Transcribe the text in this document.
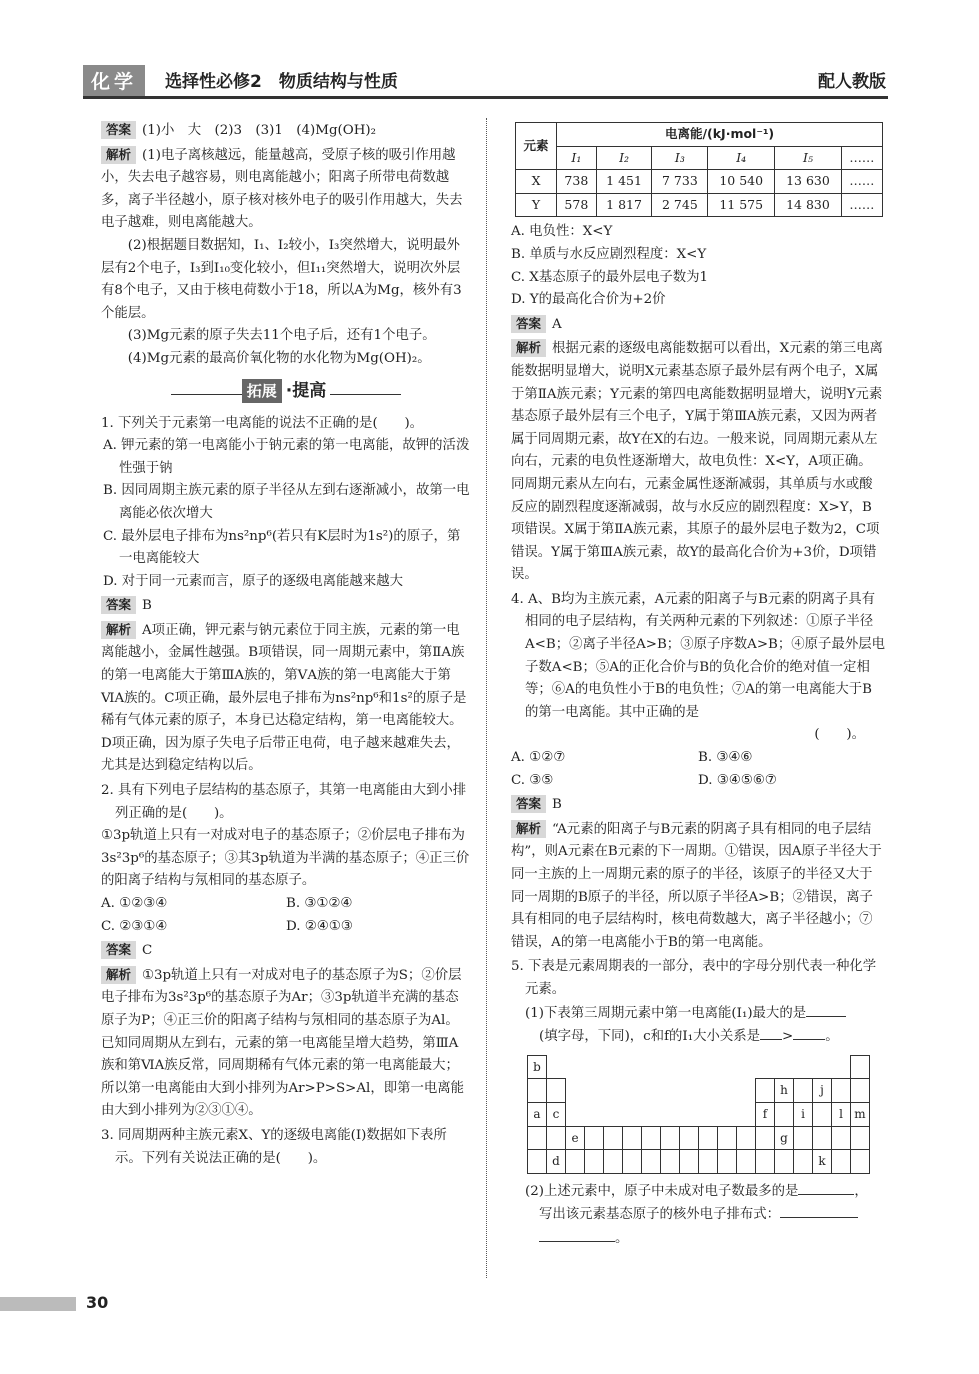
化学	选择性必修2　物质结构与性质	配人教版

答案 (1)小　大　(2)3　(3)1　(4)Mg(OH)₂

解析 (1)电子离核越远，能量越高，受原子核的吸引作用越小，失去电子越容易，则电离能越小；阳离子所带电荷数越多，离子半径越小，原子核对核外电子的吸引作用越大，失去电子越难，则电离能越大。

(2)根据题目数据知，I₁、I₂较小，I₃突然增大，说明最外层有2个电子，I₃到I₁₀变化较小，但I₁₁突然增大，说明次外层有8个电子，又由于核电荷数小于18，所以A为Mg，核外有3个能层。

(3)Mg元素的原子失去11个电子后，还有1个电子。

(4)Mg元素的最高价氧化物的水化物为Mg(OH)₂。

拓展 ·提高

1. 下列关于元素第一电离能的说法不正确的是(　　)。

A. 钾元素的第一电离能小于钠元素的第一电离能，故钾的活泼性强于钠

B. 因同周期主族元素的原子半径从左到右逐渐减小，故第一电离能必依次增大

C. 最外层电子排布为ns²np⁶(若只有K层时为1s²)的原子，第一电离能较大

D. 对于同一元素而言，原子的逐级电离能越来越大

答案 B

解析 A项正确，钾元素与钠元素位于同主族，元素的第一电离能越小，金属性越强。B项错误，同一周期元素中，第ⅡA族的第一电离能大于第ⅢA族的，第ⅤA族的第一电离能大于第ⅥA族的。C项正确，最外层电子排布为ns²np⁶和1s²的原子是稀有气体元素的原子，本身已达稳定结构，第一电离能较大。D项正确，因为原子失电子后带正电荷，电子越来越难失去，尤其是达到稳定结构以后。

2. 具有下列电子层结构的基态原子，其第一电离能由大到小排列正确的是(　　)。

①3p轨道上只有一对成对电子的基态原子；②价层电子排布为3s²3p⁶的基态原子；③其3p轨道为半满的基态原子；④正三价的阳离子结构与氖相同的基态原子。

A. ①②③④	B. ③①②④
C. ②③①④	D. ②④①③

答案 C

解析 ①3p轨道上只有一对成对电子的基态原子为S；②价层电子排布为3s²3p⁶的基态原子为Ar；③3p轨道半充满的基态原子为P；④正三价的阳离子结构与氖相同的基态原子为Al。已知同周期从左到右，元素的第一电离能呈增大趋势，第ⅢA族和第ⅥA族反常，同周期稀有气体元素的第一电离能最大；所以第一电离能由大到小排列为Ar>P>S>Al，即第一电离能由大到小排列为②③①④。

3. 同周期两种主族元素X、Y的逐级电离能(I)数据如下表所示。下列有关说法正确的是(　　)。

元素	电离能/(kJ·mol⁻¹)					
	I₁	I₂	I₃	I₄	I₅	……
X	738	1 451	7 733	10 540	13 630	……
Y	578	1 817	2 745	11 575	14 830	……

A. 电负性：X<Y

B. 单质与水反应剧烈程度：X<Y

C. X基态原子的最外层电子数为1

D. Y的最高化合价为+2价

答案 A

解析 根据元素的逐级电离能数据可以看出，X元素的第三电离能数据明显增大，说明X元素基态原子最外层有两个电子，X属于第ⅡA族元素；Y元素的第四电离能数据明显增大，说明Y元素基态原子最外层有三个电子，Y属于第ⅢA族元素，又因为两者属于同周期元素，故Y在X的右边。一般来说，同周期元素从左向右，元素的电负性逐渐增大，故电负性：X<Y，A项正确。同周期元素从左向右，元素金属性逐渐减弱，其单质与水或酸反应的剧烈程度逐渐减弱，故与水反应的剧烈程度：X>Y，B项错误。X属于第ⅡA族元素，其原子的最外层电子数为2，C项错误。Y属于第ⅢA族元素，故Y的最高化合价为+3价，D项错误。

4. A、B均为主族元素，A元素的阳离子与B元素的阴离子具有相同的电子层结构，有关两种元素的下列叙述：①原子半径A<B；②离子半径A>B；③原子序数A>B；④原子最外层电子数A<B；⑤A的正化合价与B的负化合价的绝对值一定相等；⑥A的电负性小于B的电负性；⑦A的第一电离能大于B的第一电离能。其中正确的是

(　　)。

A. ①②⑦	B. ③④⑥
C. ③⑤	D. ③④⑤⑥⑦

答案 B

解析 “A元素的阳离子与B元素的阴离子具有相同的电子层结构”，则A元素在B元素的下一周期。①错误，因A原子半径大于同一主族的上一周期元素的原子的半径，该原子的半径又大于同一周期的B原子的半径，所以原子半径A>B；②错误，离子具有相同的电子层结构时，核电荷数越大，离子半径越小；⑦错误，A的第一电离能小于B的第一电离能。

5. 下表是元素周期表的一部分，表中的字母分别代表一种化学元素。

(1)下表第三周期元素中第一电离能(I₁)最大的是
(填字母，下同)，c和f的I₁大小关系是 > 。

b																	
													h		j		
a	c											f		i		l	m
		e											g				
	d														k		

(2)上述元素中，原子中未成对电子数最多的是	，
写出该元素基态原子的核外电子排布式：
。

30
